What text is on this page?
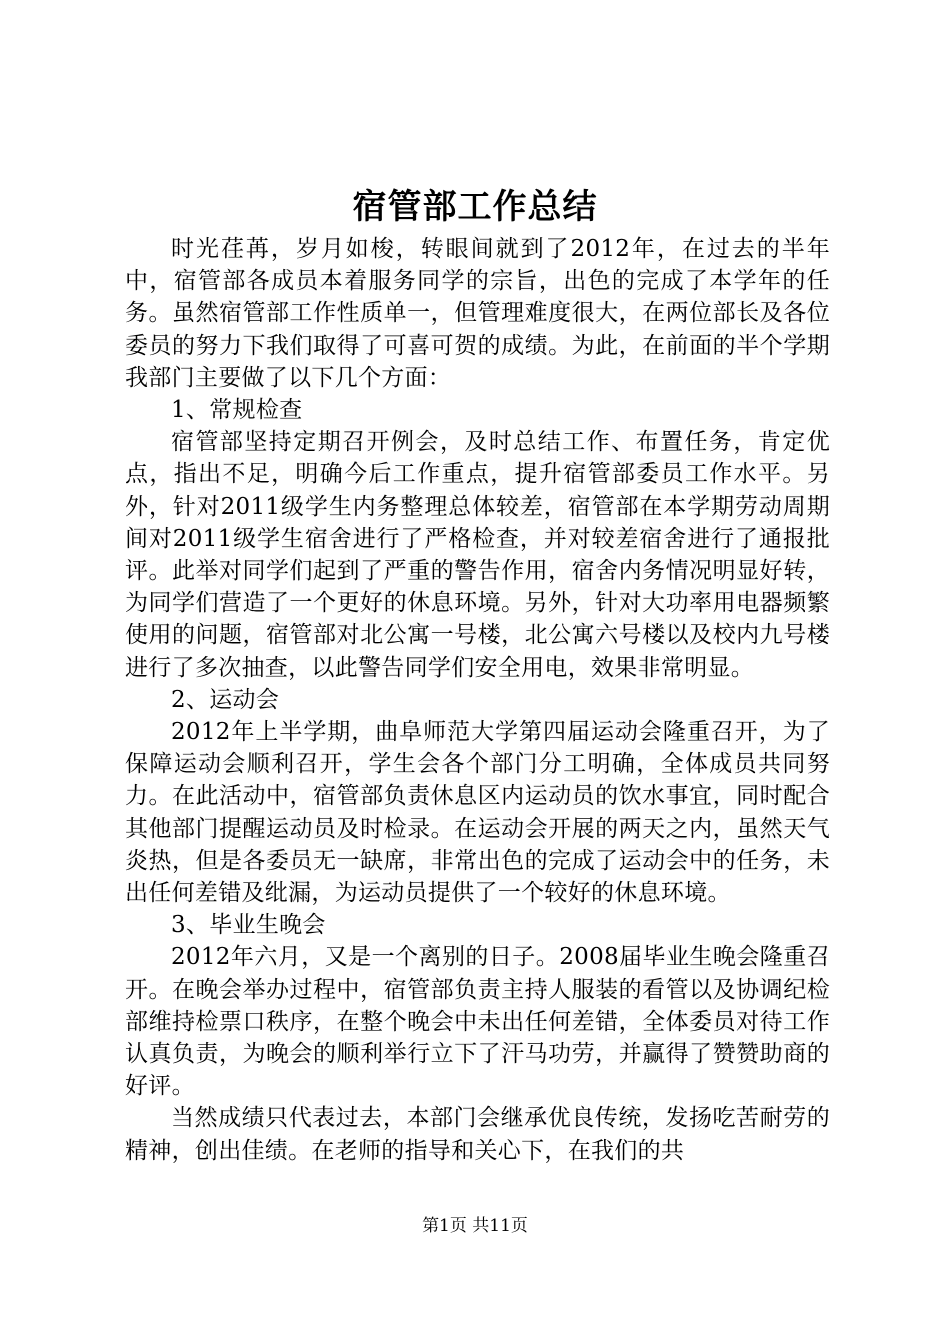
宿管部工作总结

时光荏苒，岁月如梭，转眼间就到了2012年，在过去的半年中，宿管部各成员本着服务同学的宗旨，出色的完成了本学年的任务。虽然宿管部工作性质单一，但管理难度很大，在两位部长及各位委员的努力下我们取得了可喜可贺的成绩。为此，在前面的半个学期我部门主要做了以下几个方面：

1、常规检查

宿管部坚持定期召开例会，及时总结工作、布置任务，肯定优点，指出不足，明确今后工作重点，提升宿管部委员工作水平。另外，针对2011级学生内务整理总体较差，宿管部在本学期劳动周期间对2011级学生宿舍进行了严格检查，并对较差宿舍进行了通报批评。此举对同学们起到了严重的警告作用，宿舍内务情况明显好转，为同学们营造了一个更好的休息环境。另外，针对大功率用电器频繁使用的问题，宿管部对北公寓一号楼，北公寓六号楼以及校内九号楼进行了多次抽查，以此警告同学们安全用电，效果非常明显。

2、运动会

2012年上半学期，曲阜师范大学第四届运动会隆重召开，为了保障运动会顺利召开，学生会各个部门分工明确，全体成员共同努力。在此活动中，宿管部负责休息区内运动员的饮水事宜，同时配合其他部门提醒运动员及时检录。在运动会开展的两天之内，虽然天气炎热，但是各委员无一缺席，非常出色的完成了运动会中的任务，未出任何差错及纰漏，为运动员提供了一个较好的休息环境。

3、毕业生晚会

2012年六月，又是一个离别的日子。2008届毕业生晚会隆重召开。在晚会举办过程中，宿管部负责主持人服装的看管以及协调纪检部维持检票口秩序，在整个晚会中未出任何差错，全体委员对待工作认真负责，为晚会的顺利举行立下了汗马功劳，并赢得了赞赞助商的好评。

当然成绩只代表过去，本部门会继承优良传统，发扬吃苦耐劳的精神，创出佳绩。在老师的指导和关心下，在我们的共

第1页 共11页
